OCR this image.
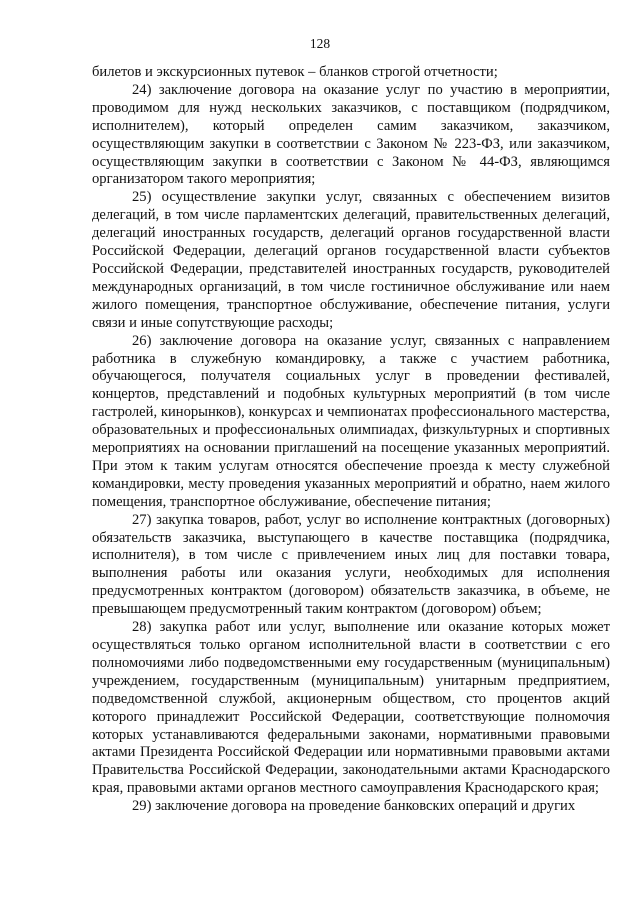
128

билетов и экскурсионных путевок – бланков строгой отчетности;

24) заключение договора на оказание услуг по участию в мероприятии, проводимом для нужд нескольких заказчиков, с поставщиком (подрядчиком, исполнителем), который определен самим заказчиком, заказчиком, осуществляющим закупки в соответствии с Законом № 223-ФЗ, или заказчиком, осуществляющим закупки в соответствии с Законом № 44-ФЗ, являющимся организатором такого мероприятия;

25) осуществление закупки услуг, связанных с обеспечением визитов делегаций, в том числе парламентских делегаций, правительственных делегаций, делегаций иностранных государств, делегаций органов государственной власти Российской Федерации, делегаций органов государственной власти субъектов Российской Федерации, представителей иностранных государств, руководителей международных организаций, в том числе гостиничное обслуживание или наем жилого помещения, транспортное обслуживание, обеспечение питания, услуги связи и иные сопутствующие расходы;

26) заключение договора на оказание услуг, связанных с направлением работника в служебную командировку, а также с участием работника, обучающегося, получателя социальных услуг в проведении фестивалей, концертов, представлений и подобных культурных мероприятий (в том числе гастролей, кинорынков), конкурсах и чемпионатах профессионального мастерства, образовательных и профессиональных олимпиадах, физкультурных и спортивных мероприятиях на основании приглашений на посещение указанных мероприятий. При этом к таким услугам относятся обеспечение проезда к месту служебной командировки, месту проведения указанных мероприятий и обратно, наем жилого помещения, транспортное обслуживание, обеспечение питания;

27) закупка товаров, работ, услуг во исполнение контрактных (договорных) обязательств заказчика, выступающего в качестве поставщика (подрядчика, исполнителя), в том числе с привлечением иных лиц для поставки товара, выполнения работы или оказания услуги, необходимых для исполнения предусмотренных контрактом (договором) обязательств заказчика, в объеме, не превышающем предусмотренный таким контрактом (договором) объем;

28) закупка работ или услуг, выполнение или оказание которых может осуществляться только органом исполнительной власти в соответствии с его полномочиями либо подведомственными ему государственным (муниципальным) учреждением, государственным (муниципальным) унитарным предприятием, подведомственной службой, акционерным обществом, сто процентов акций которого принадлежит Российской Федерации, соответствующие полномочия которых устанавливаются федеральными законами, нормативными правовыми актами Президента Российской Федерации или нормативными правовыми актами Правительства Российской Федерации, законодательными актами Краснодарского края, правовыми актами органов местного самоуправления Краснодарского края;

29) заключение договора на проведение банковских операций и других
